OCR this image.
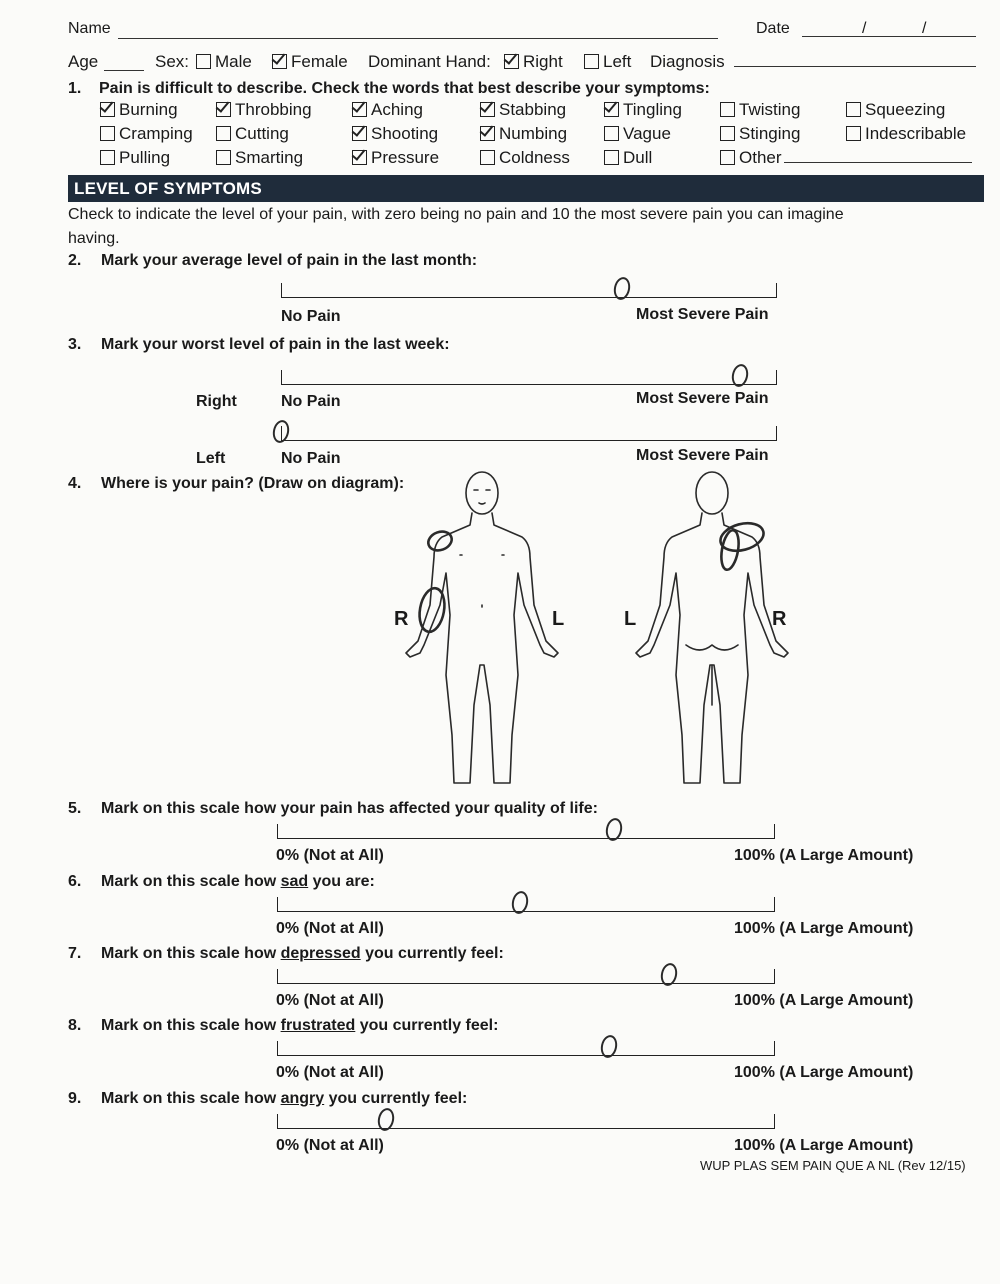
Name	Date	/	/
Age	Sex:	Male	Female Dominant Hand:	Right	Left Diagnosis
1. Pain is difficult to describe. Check the words that best describe your symptoms:
Burning	Throbbing	Aching	Stabbing	Tingling	Twisting	Squeezing
Cramping	Cutting	Shooting	Numbing	Vague	Stinging	Indescribable
Pulling	Smarting	Pressure	Coldness	Dull	Other
LEVEL OF SYMPTOMS
Check to indicate the level of your pain, with zero being no pain and 10 the most severe pain you can imagine
having.
2. Mark your average level of pain in the last month:
No Pain	Most Severe Pain
3. Mark your worst level of pain in the last week:
Right	No Pain	Most Severe Pain
Left	No Pain	Most Severe Pain
4. Where is your pain? (Draw on diagram):
R	L	L	R
5. Mark on this scale how your pain has affected your quality of life:
0% (Not at All)	100% (A Large Amount)
6. Mark on this scale how sad you are:
0% (Not at All)	100% (A Large Amount)
7. Mark on this scale how depressed you currently feel:
0% (Not at All)	100% (A Large Amount)
8. Mark on this scale how frustrated you currently feel:
0% (Not at All)	100% (A Large Amount)
9. Mark on this scale how angry you currently feel:
0% (Not at All)	100% (A Large Amount)
WUP PLAS SEM PAIN QUE A NL (Rev 12/15)
